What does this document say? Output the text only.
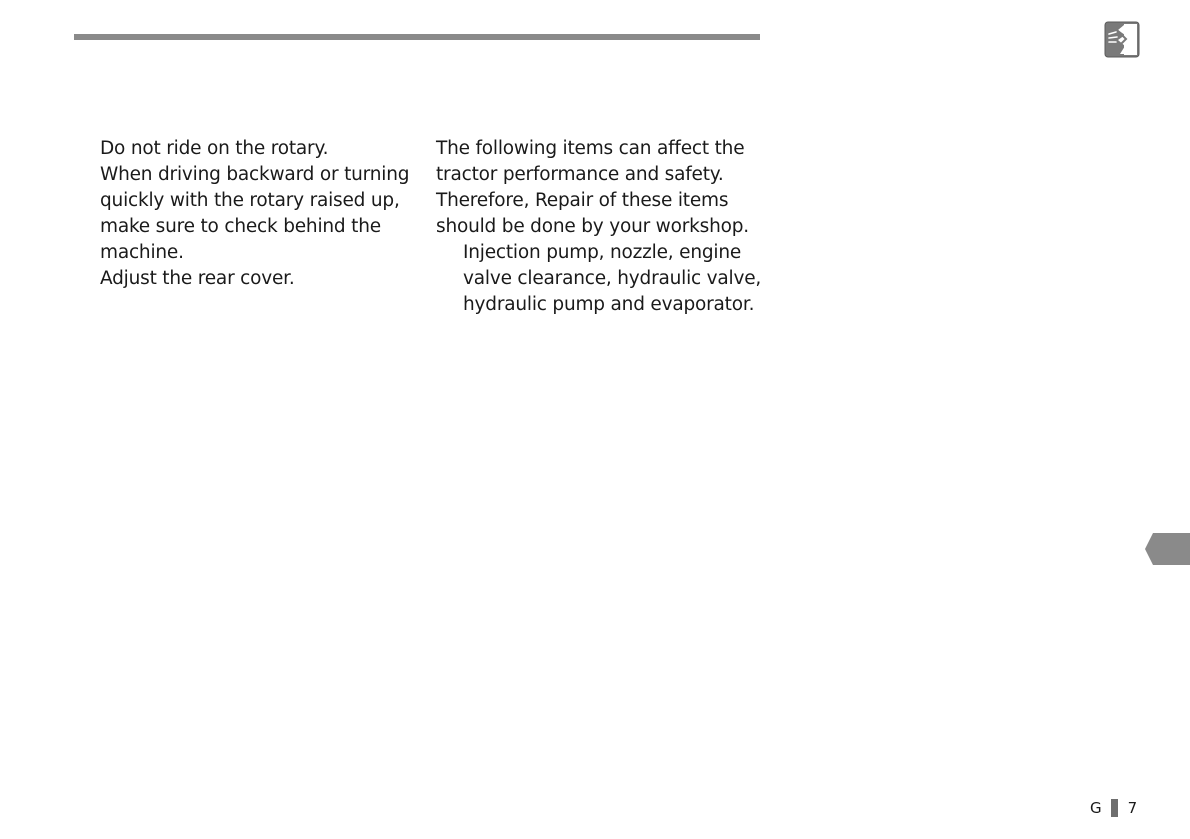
Do not ride on the rotary.

When driving backward or turning quickly with the rotary raised up, make sure to check behind the machine.

Adjust the rear cover.

The following items can affect the tractor performance and safety. Therefore, Repair of these items should be done by your workshop.

Injection pump, nozzle, engine valve clearance, hydraulic valve, hydraulic pump and evaporator.

G 7
